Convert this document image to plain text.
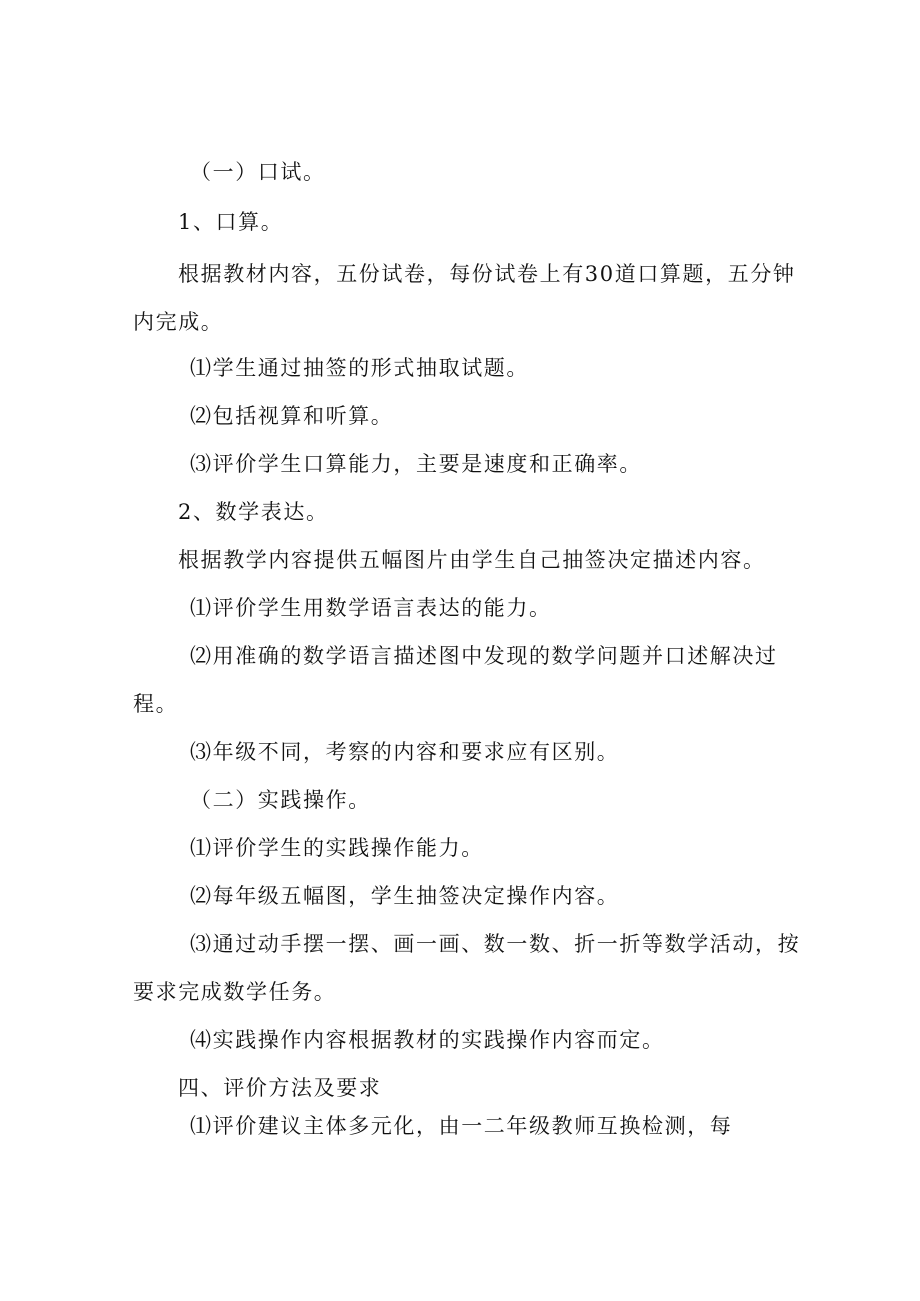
（一）口试。
1、口算。
根据教材内容，五份试卷，每份试卷上有30道口算题，五分钟
内完成。
⑴学生通过抽签的形式抽取试题。
⑵包括视算和听算。
⑶评价学生口算能力，主要是速度和正确率。
2、数学表达。
根据教学内容提供五幅图片由学生自己抽签决定描述内容。
⑴评价学生用数学语言表达的能力。
⑵用准确的数学语言描述图中发现的数学问题并口述解决过
程。
⑶年级不同，考察的内容和要求应有区别。
（二）实践操作。
⑴评价学生的实践操作能力。
⑵每年级五幅图，学生抽签决定操作内容。
⑶通过动手摆一摆、画一画、数一数、折一折等数学活动，按
要求完成数学任务。
⑷实践操作内容根据教材的实践操作内容而定。
四、评价方法及要求
⑴评价建议主体多元化，由一二年级教师互换检测，每
